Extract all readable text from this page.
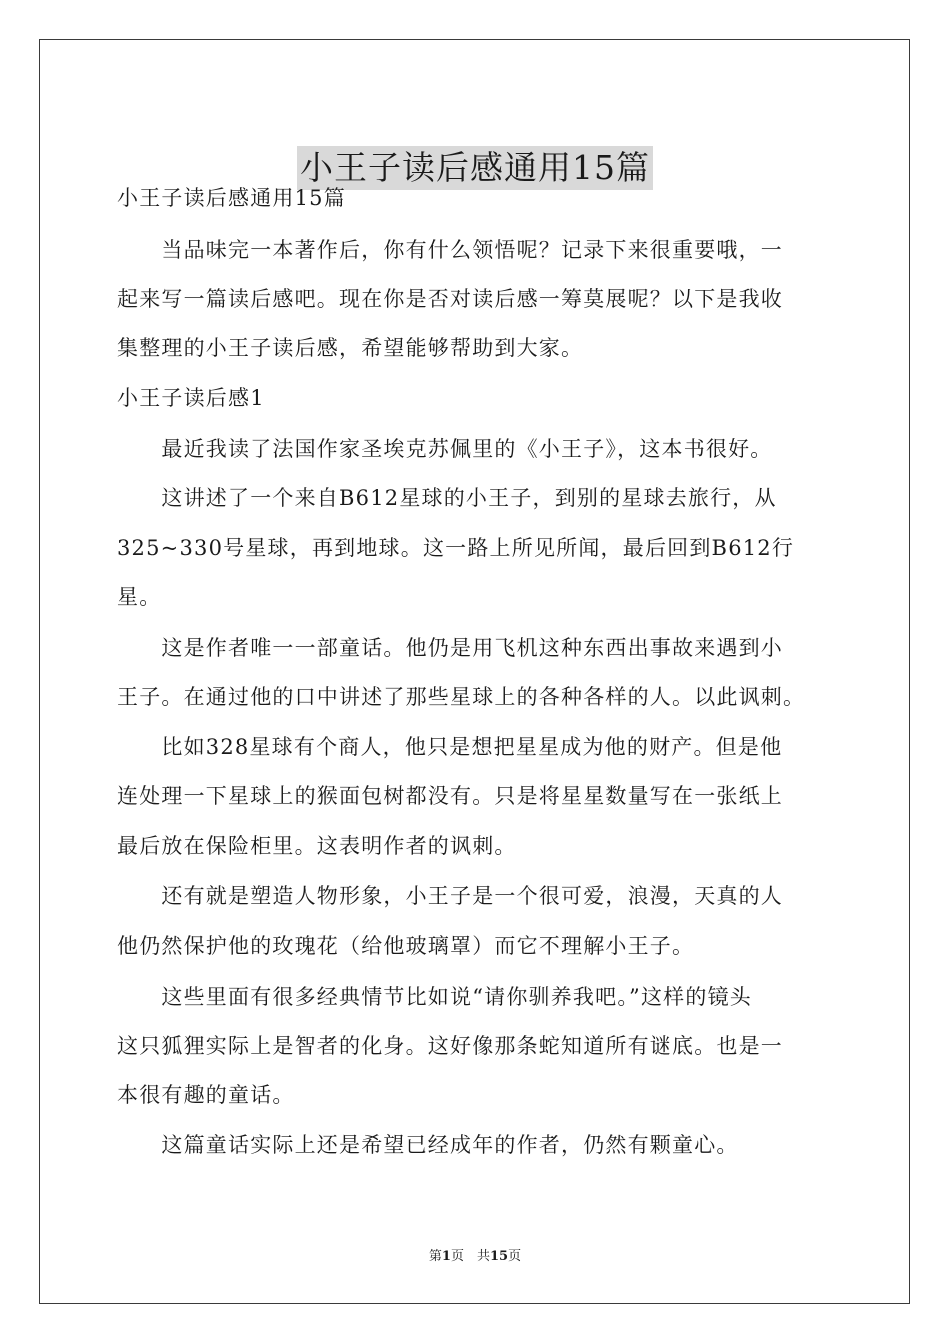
小王子读后感通用15篇
小王子读后感通用15篇
　　当品味完一本著作后，你有什么领悟呢？记录下来很重要哦，一
起来写一篇读后感吧。现在你是否对读后感一筹莫展呢？以下是我收
集整理的小王子读后感，希望能够帮助到大家。
小王子读后感1
　　最近我读了法国作家圣埃克苏佩里的《小王子》，这本书很好。
　　这讲述了一个来自B612星球的小王子，到别的星球去旅行，从
325~330号星球，再到地球。这一路上所见所闻，最后回到B612行
星。
　　这是作者唯一一部童话。他仍是用飞机这种东西出事故来遇到小
王子。在通过他的口中讲述了那些星球上的各种各样的人。以此讽刺。
　　比如328星球有个商人，他只是想把星星成为他的财产。但是他
连处理一下星球上的猴面包树都没有。只是将星星数量写在一张纸上
最后放在保险柜里。这表明作者的讽刺。
　　还有就是塑造人物形象，小王子是一个很可爱，浪漫，天真的人
他仍然保护他的玫瑰花（给他玻璃罩）而它不理解小王子。
　　这些里面有很多经典情节比如说“请你驯养我吧。”这样的镜头
这只狐狸实际上是智者的化身。这好像那条蛇知道所有谜底。也是一
本很有趣的童话。
　　这篇童话实际上还是希望已经成年的作者，仍然有颗童心。
第1页　共15页
